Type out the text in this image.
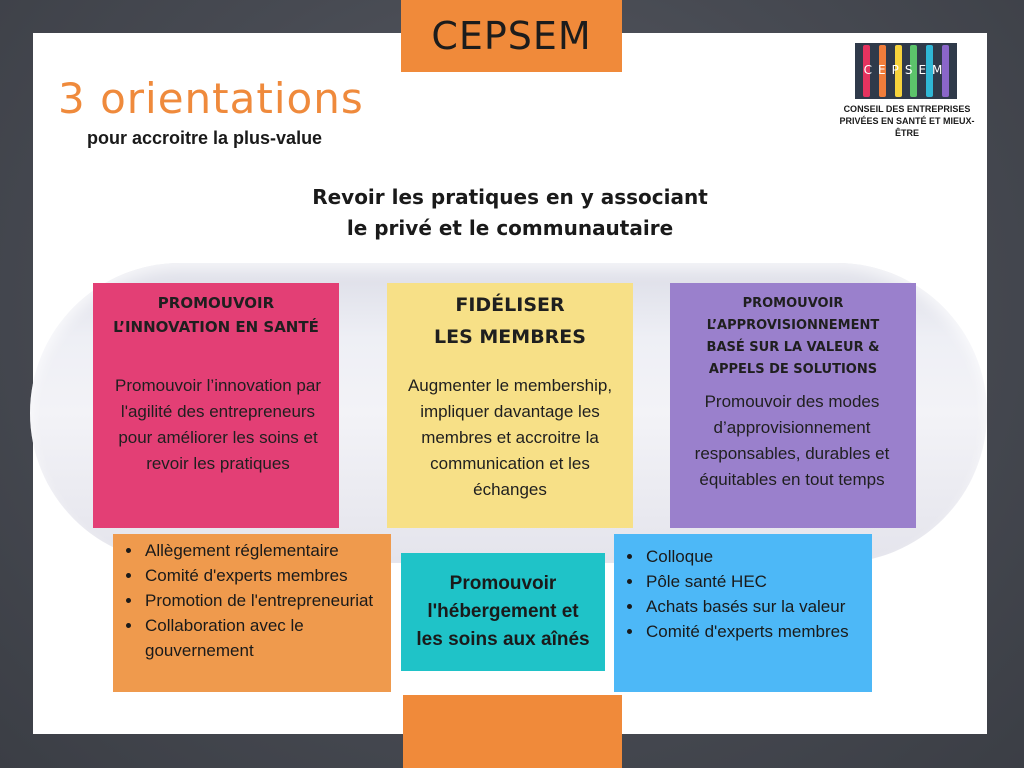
CEPSEM
3 orientations
pour accroitre la plus-value
CEPSEM
CONSEIL DES ENTREPRISES
PRIVÉES EN SANTÉ ET MIEUX-ÊTRE
Revoir les pratiques en y associant
le privé et le communautaire
PROMOUVOIR
L’INNOVATION EN SANTÉ
Promouvoir l’innovation par l'agilité des entrepreneurs pour améliorer les soins et revoir les pratiques
FIDÉLISER
LES MEMBRES
Augmenter le membership, impliquer davantage les membres et accroitre la communication et les échanges
PROMOUVOIR
L’APPROVISIONNEMENT
BASÉ SUR LA VALEUR &
APPELS DE SOLUTIONS
Promouvoir des modes d’approvisionnement responsables, durables et équitables en tout temps
• Allègement réglementaire
• Comité d'experts membres
• Promotion de l'entrepreneuriat
• Collaboration avec le gouvernement
Promouvoir
l'hébergement et
les soins aux aînés
• Colloque
• Pôle santé HEC
• Achats basés sur la valeur
• Comité d'experts membres
